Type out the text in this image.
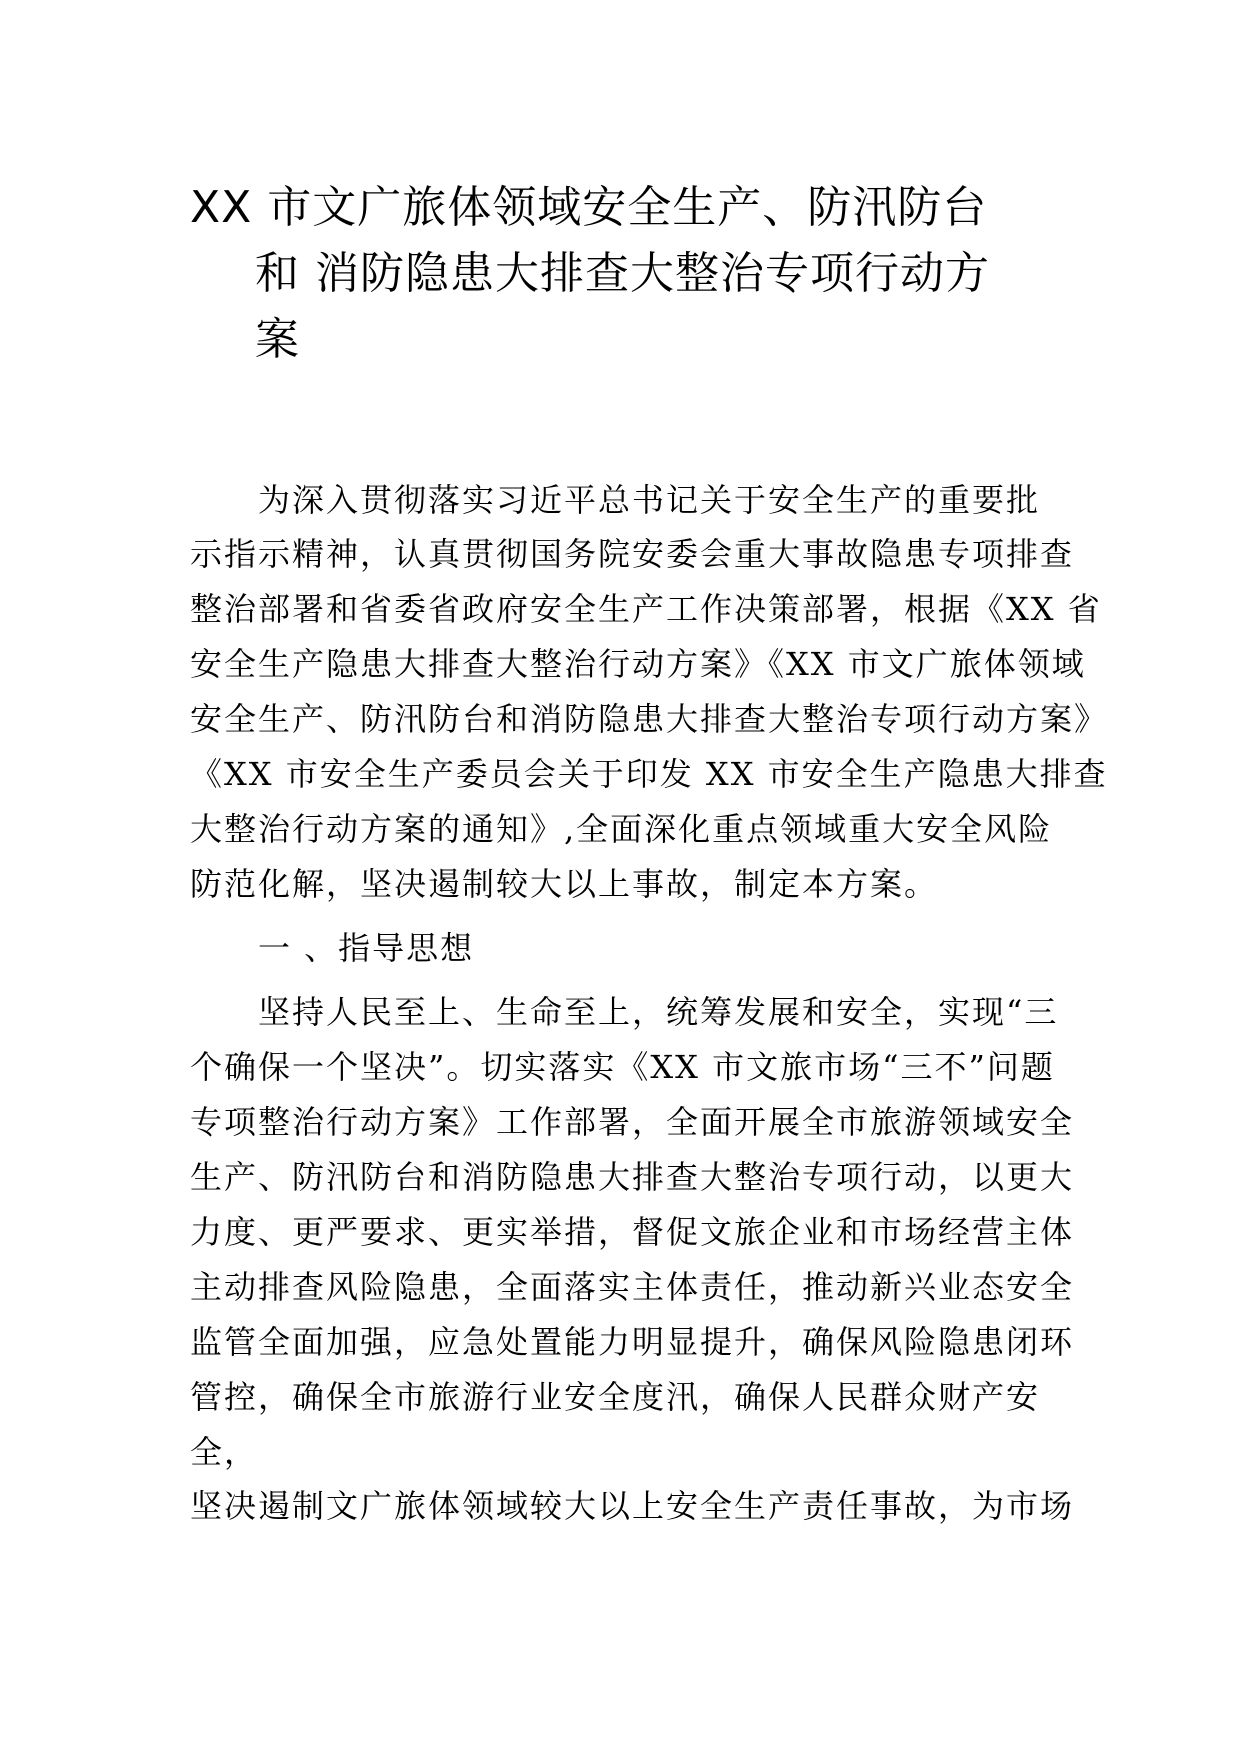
XX 市文广旅体领域安全生产、防汛防台
和 消防隐患大排查大整治专项行动方
案
为深入贯彻落实习近平总书记关于安全生产的重要批
示指示精神，认真贯彻国务院安委会重大事故隐患专项排查
整治部署和省委省政府安全生产工作决策部署，根据《XX 省
安全生产隐患大排查大整治行动方案》《XX 市文广旅体领域
安全生产、防汛防台和消防隐患大排查大整治专项行动方案》
《XX 市安全生产委员会关于印发 XX 市安全生产隐患大排查
大整治行动方案的通知》,全面深化重点领域重大安全风险
防范化解，坚决遏制较大以上事故，制定本方案。
一 、指导思想
坚持人民至上、生命至上，统筹发展和安全，实现“三
个确保一个坚决”。切实落实《XX 市文旅市场“三不”问题
专项整治行动方案》工作部署，全面开展全市旅游领域安全
生产、防汛防台和消防隐患大排查大整治专项行动，以更大
力度、更严要求、更实举措，督促文旅企业和市场经营主体
主动排查风险隐患，全面落实主体责任，推动新兴业态安全
监管全面加强，应急处置能力明显提升，确保风险隐患闭环
管控，确保全市旅游行业安全度汛，确保人民群众财产安
全，
坚决遏制文广旅体领域较大以上安全生产责任事故，为市场
